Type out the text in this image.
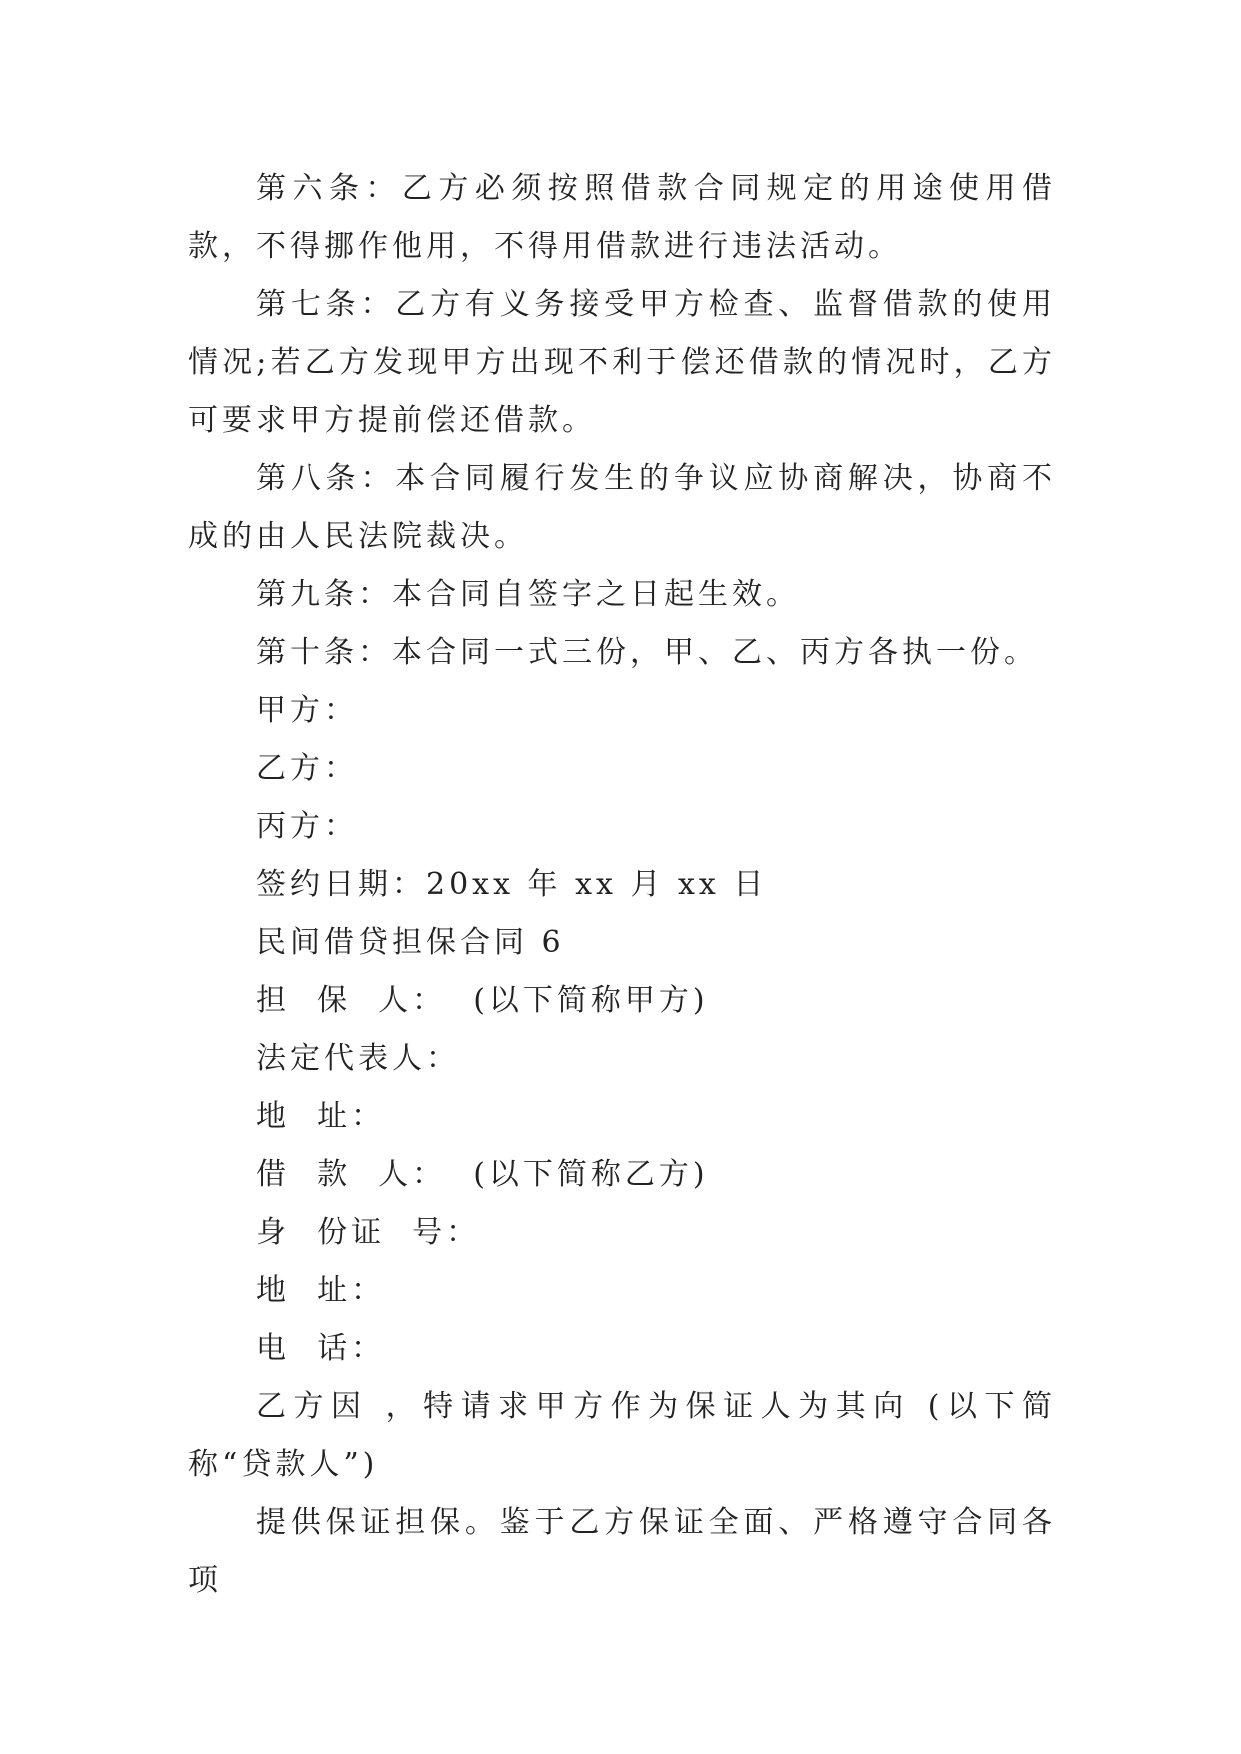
第六条：乙方必须按照借款合同规定的用途使用借款，不得挪作他用，不得用借款进行违法活动。

第七条：乙方有义务接受甲方检查、监督借款的使用情况;若乙方发现甲方出现不利于偿还借款的情况时，乙方可要求甲方提前偿还借款。

第八条：本合同履行发生的争议应协商解决，协商不成的由人民法院裁决。

第九条：本合同自签字之日起生效。

第十条：本合同一式三份，甲、乙、丙方各执一份。

甲方：

乙方：

丙方：

签约日期：20xx 年 xx 月 xx 日

民间借贷担保合同 6

担  保  人：  (以下简称甲方)

法定代表人：

地  址：

借  款  人：  (以下简称乙方)

身  份证  号：

地  址：

电  话：

乙方因 ，特请求甲方作为保证人为其向 (以下简称“贷款人”)

提供保证担保。鉴于乙方保证全面、严格遵守合同各项
